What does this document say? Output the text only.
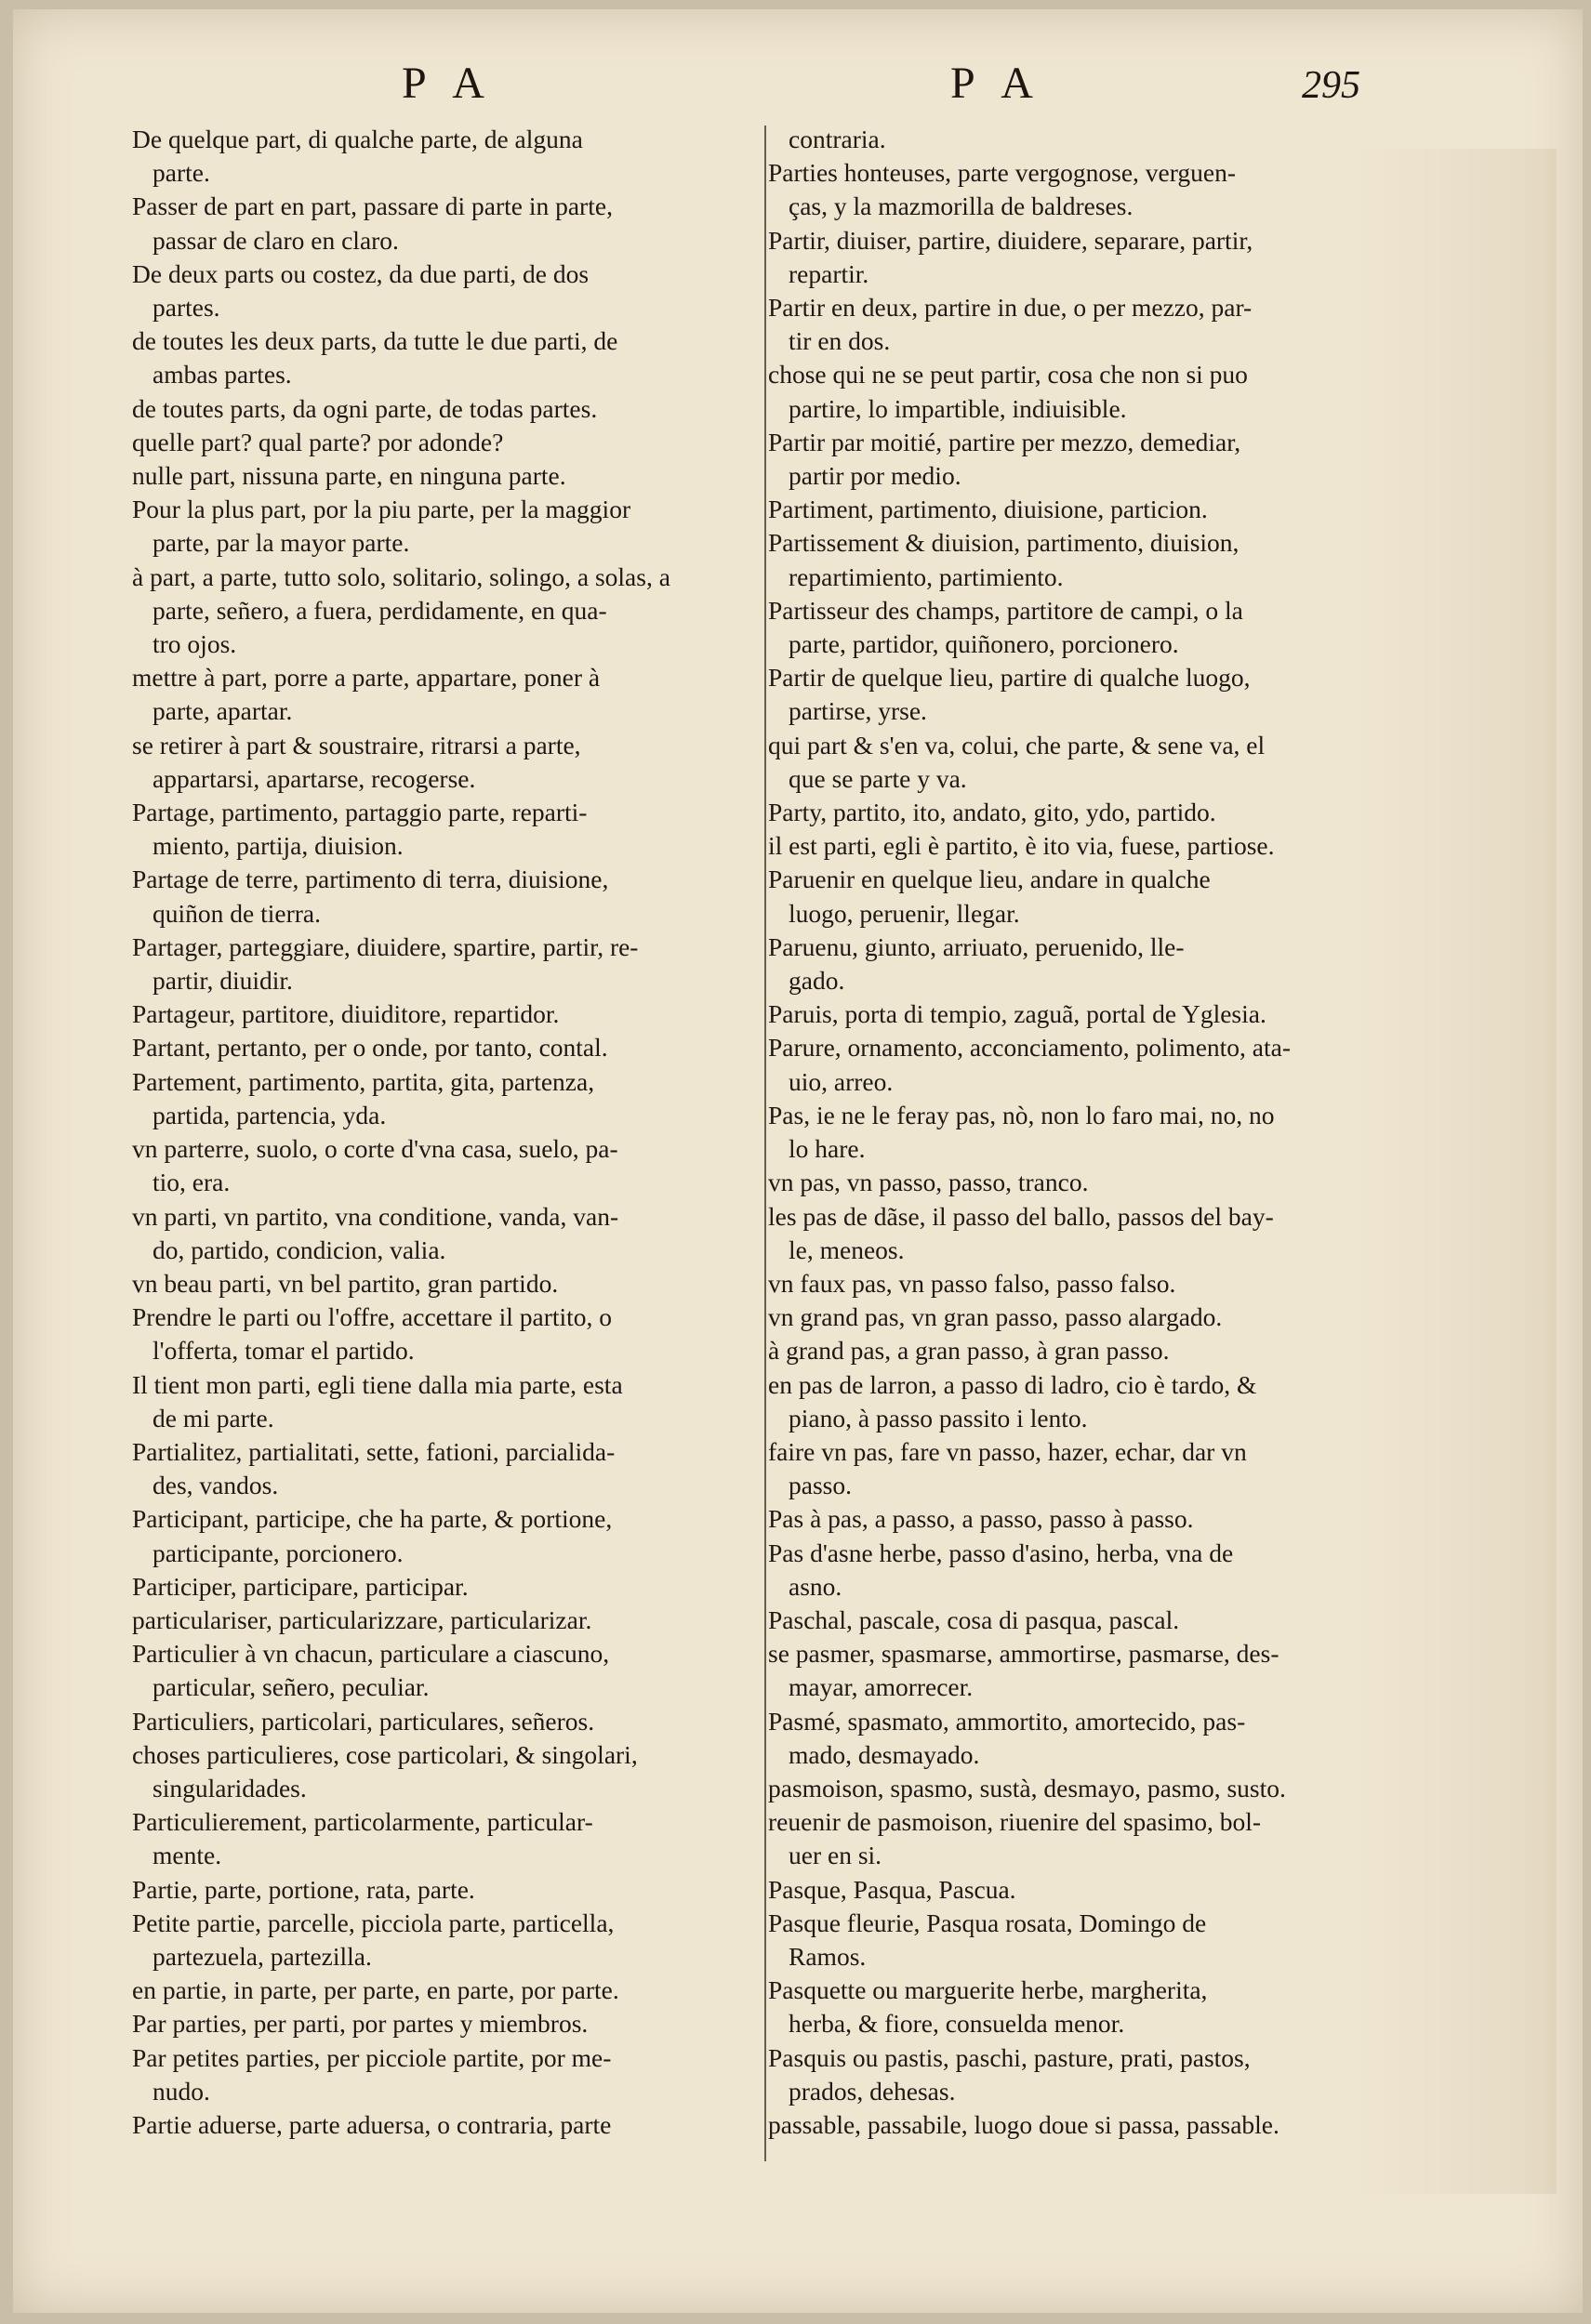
P A	P A	295
De quelque part, di qualche parte, de alguna
parte.
Passer de part en part, passare di parte in parte,
passar de claro en claro.
De deux parts ou costez, da due parti, de dos
partes.
de toutes les deux parts, da tutte le due parti, de
ambas partes.
de toutes parts, da ogni parte, de todas partes.
quelle part? qual parte? por adonde?
nulle part, nissuna parte, en ninguna parte.
Pour la plus part, por la piu parte, per la maggior
parte, par la mayor parte.
à part, a parte, tutto solo, solitario, solingo, a solas, a
parte, señero, a fuera, perdidamente, en qua-
tro ojos.
mettre à part, porre a parte, appartare, poner à
parte, apartar.
se retirer à part & soustraire, ritrarsi a parte,
appartarsi, apartarse, recogerse.
Partage, partimento, partaggio parte, reparti-
miento, partija, diuision.
Partage de terre, partimento di terra, diuisione,
quiñon de tierra.
Partager, parteggiare, diuidere, spartire, partir, re-
partir, diuidir.
Partageur, partitore, diuiditore, repartidor.
Partant, pertanto, per o onde, por tanto, contal.
Partement, partimento, partita, gita, partenza,
partida, partencia, yda.
vn parterre, suolo, o corte d'vna casa, suelo, pa-
tio, era.
vn parti, vn partito, vna conditione, vanda, van-
do, partido, condicion, valia.
vn beau parti, vn bel partito, gran partido.
Prendre le parti ou l'offre, accettare il partito, o
l'offerta, tomar el partido.
Il tient mon parti, egli tiene dalla mia parte, esta
de mi parte.
Partialitez, partialitati, sette, fationi, parcialida-
des, vandos.
Participant, participe, che ha parte, & portione,
participante, porcionero.
Participer, participare, participar.
particulariser, particularizzare, particularizar.
Particulier à vn chacun, particulare a ciascuno,
particular, señero, peculiar.
Particuliers, particolari, particulares, señeros.
choses particulieres, cose particolari, & singolari,
singularidades.
Particulierement, particolarmente, particular-
mente.
Partie, parte, portione, rata, parte.
Petite partie, parcelle, picciola parte, particella,
partezuela, partezilla.
en partie, in parte, per parte, en parte, por parte.
Par parties, per parti, por partes y miembros.
Par petites parties, per picciole partite, por me-
nudo.
Partie aduerse, parte aduersa, o contraria, parte
contraria.
Parties honteuses, parte vergognose, verguen-
ças, y la mazmorilla de baldreses.
Partir, diuiser, partire, diuidere, separare, partir,
repartir.
Partir en deux, partire in due, o per mezzo, par-
tir en dos.
chose qui ne se peut partir, cosa che non si puo
partire, lo impartible, indiuisible.
Partir par moitié, partire per mezzo, demediar,
partir por medio.
Partiment, partimento, diuisione, particion.
Partissement & diuision, partimento, diuision,
repartimiento, partimiento.
Partisseur des champs, partitore de campi, o la
parte, partidor, quiñonero, porcionero.
Partir de quelque lieu, partire di qualche luogo,
partirse, yrse.
qui part & s'en va, colui, che parte, & sene va, el
que se parte y va.
Party, partito, ito, andato, gito, ydo, partido.
il est parti, egli è partito, è ito via, fuese, partiose.
Paruenir en quelque lieu, andare in qualche
luogo, peruenir, llegar.
Paruenu, giunto, arriuato, peruenido, lle-
gado.
Paruis, porta di tempio, zaguã, portal de Yglesia.
Parure, ornamento, acconciamento, polimento, ata-
uio, arreo.
Pas, ie ne le feray pas, nò, non lo faro mai, no, no
lo hare.
vn pas, vn passo, passo, tranco.
les pas de dãse, il passo del ballo, passos del bay-
le, meneos.
vn faux pas, vn passo falso, passo falso.
vn grand pas, vn gran passo, passo alargado.
à grand pas, a gran passo, à gran passo.
en pas de larron, a passo di ladro, cio è tardo, &
piano, à passo passito i lento.
faire vn pas, fare vn passo, hazer, echar, dar vn
passo.
Pas à pas, a passo, a passo, passo à passo.
Pas d'asne herbe, passo d'asino, herba, vna de
asno.
Paschal, pascale, cosa di pasqua, pascal.
se pasmer, spasmarse, ammortirse, pasmarse, des-
mayar, amorrecer.
Pasmé, spasmato, ammortito, amortecido, pas-
mado, desmayado.
pasmoison, spasmo, sustà, desmayo, pasmo, susto.
reuenir de pasmoison, riuenire del spasimo, bol-
uer en si.
Pasque, Pasqua, Pascua.
Pasque fleurie, Pasqua rosata, Domingo de
Ramos.
Pasquette ou marguerite herbe, margherita,
herba, & fiore, consuelda menor.
Pasquis ou pastis, paschi, pasture, prati, pastos,
prados, dehesas.
passable, passabile, luogo doue si passa, passable.
